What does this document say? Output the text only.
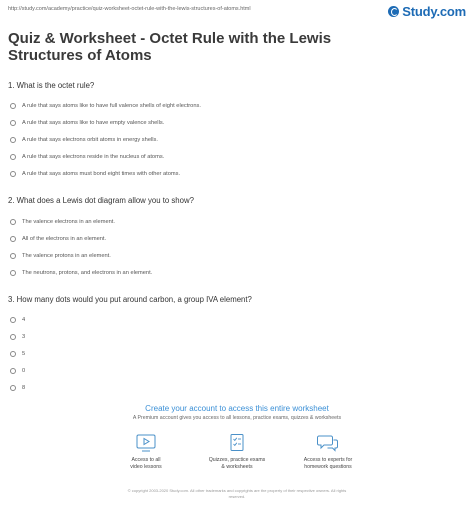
http://study.com/academy/practice/quiz-worksheet-octet-rule-with-the-lewis-structures-of-atoms.html	Study.com
Quiz & Worksheet - Octet Rule with the Lewis Structures of Atoms
1. What is the octet rule?
A rule that says atoms like to have full valence shells of eight electrons.
A rule that says atoms like to have empty valence shells.
A rule that says electrons orbit atoms in energy shells.
A rule that says electrons reside in the nucleus of atoms.
A rule that says atoms must bond eight times with other atoms.
2. What does a Lewis dot diagram allow you to show?
The valence electrons in an element.
All of the electrons in an element.
The valence protons in an element.
The neutrons, protons, and electrons in an element.
3. How many dots would you put around carbon, a group IVA element?
4
3
5
0
8
Create your account to access this entire worksheet
A Premium account gives you access to all lessons, practice exams, quizzes & worksheets
Access to all
video lessons
Quizzes, practice exams
& worksheets
Access to experts for
homework questions
© copyright 2003-2020 Study.com. All other trademarks and copyrights are the property of their respective owners. All rights
reserved.
